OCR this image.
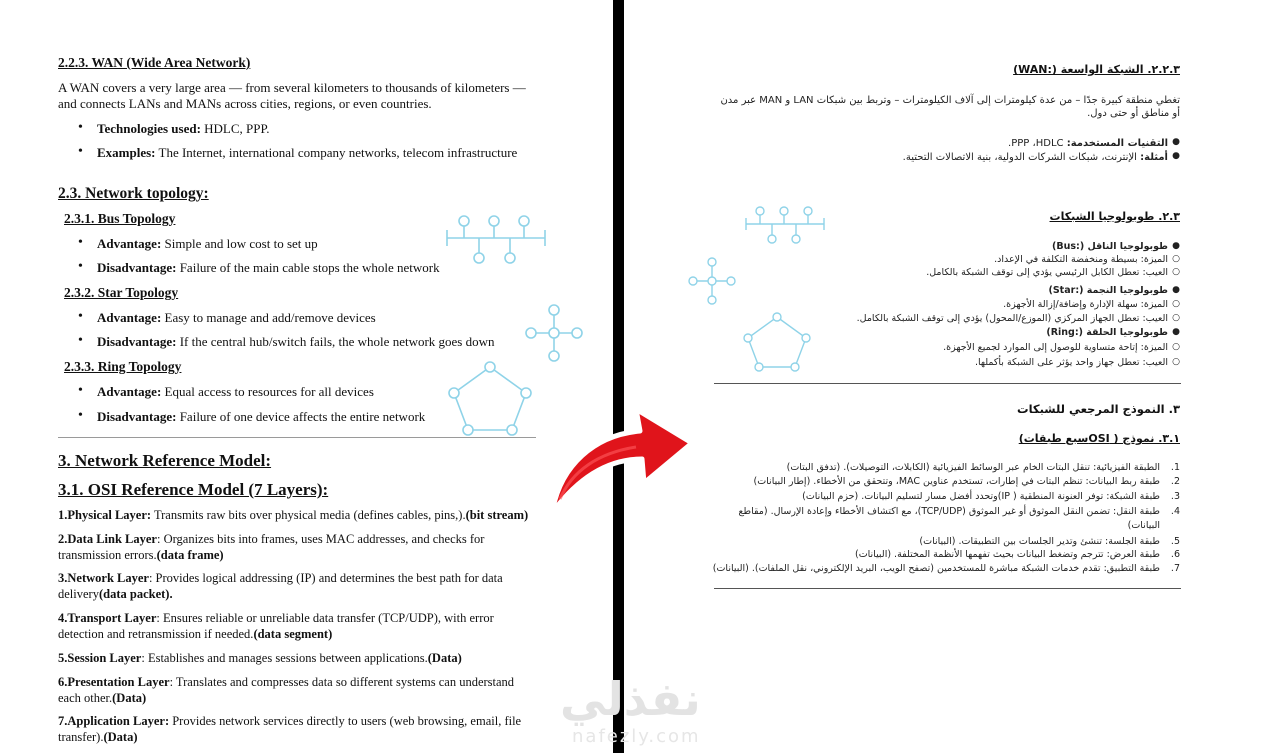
2.2.3. WAN (Wide Area Network)
A WAN covers a very large area — from several kilometers to thousands of kilometers — and connects LANs and MANs across cities, regions, or even countries.
• Technologies used: HDLC, PPP.
• Examples: The Internet, international company networks, telecom infrastructure
2.3. Network topology:
2.3.1. Bus Topology
• Advantage: Simple and low cost to set up
• Disadvantage: Failure of the main cable stops the whole network
2.3.2. Star Topology
• Advantage: Easy to manage and add/remove devices
• Disadvantage: If the central hub/switch fails, the whole network goes down
2.3.3. Ring Topology
• Advantage: Equal access to resources for all devices
• Disadvantage: Failure of one device affects the entire network
3. Network Reference Model:
3.1. OSI Reference Model (7 Layers):
1.Physical Layer: Transmits raw bits over physical media (defines cables, pins,).(bit stream)
2.Data Link Layer: Organizes bits into frames, uses MAC addresses, and checks for transmission errors.(data frame)
3.Network Layer: Provides logical addressing (IP) and determines the best path for data delivery(data packet).
4.Transport Layer: Ensures reliable or unreliable data transfer (TCP/UDP), with error detection and retransmission if needed.(data segment)
5.Session Layer: Establishes and manages sessions between applications.(Data)
6.Presentation Layer: Translates and compresses data so different systems can understand each other.(Data)
7.Application Layer: Provides network services directly to users (web browsing, email, file transfer).(Data)
٢.٢.٣. الشبكة الواسعة (:WAN)
تغطي منطقة كبيرة جدًا – من عدة كيلومترات إلى آلاف الكيلومترات – وتربط بين شبكات LAN و MAN عبر مدن
أو مناطق أو حتى دول.
التقنيات المستخدمة: PPP ،HDLC.	●
أمثلة: الإنترنت، شبكات الشركات الدولية، بنية الاتصالات التحتية.	●
٢.٣. طوبولوجيا الشبكات
طوبولوجيا الناقل (:Bus) ●
الميزة: بسيطة ومنخفضة التكلفة في الإعداد. ○
العيب: تعطل الكابل الرئيسي يؤدي إلى توقف الشبكة بالكامل. ○
طوبولوجيا النجمة (:Star) ●
الميزة: سهلة الإدارة وإضافة/إزالة الأجهزة. ○
العيب: تعطل الجهاز المركزي (الموزع/المحول) يؤدي إلى توقف الشبكة بالكامل. ○
طوبولوجيا الحلقة (:Ring) ●
الميزة: إتاحة متساوية للوصول إلى الموارد لجميع الأجهزة. ○
العيب: تعطل جهاز واحد يؤثر على الشبكة بأكملها. ○
٣. النموذج المرجعي للشبكات
٣.١. نموذج ( OSIسبع طبقات)
الطبقة الفيزيائية: تنقل البتات الخام عبر الوسائط الفيزيائية (الكابلات، التوصيلات). (تدفق البتات) 1.
طبقة ربط البيانات: تنظم البتات في إطارات، تستخدم عناوين MAC، وتتحقق من الأخطاء. (إطار البيانات) 2.
طبقة الشبكة: توفر العنونة المنطقية ( IP)وتحدد أفضل مسار لتسليم البيانات. (حزم البيانات) 3.
طبقة النقل: تضمن النقل الموثوق أو غير الموثوق (TCP/UDP)، مع اكتشاف الأخطاء وإعادة الإرسال. (مقاطع 4.
البيانات)
طبقة الجلسة: تنشئ وتدير الجلسات بين التطبيقات. (البيانات) 5.
طبقة العرض: تترجم وتضغط البيانات بحيث تفهمها الأنظمة المختلفة. (البيانات) 6.
طبقة التطبيق: تقدم خدمات الشبكة مباشرة للمستخدمين (تصفح الويب، البريد الإلكتروني، نقل الملفات). (البيانات) 7.
نفذلي
nafezly.com
